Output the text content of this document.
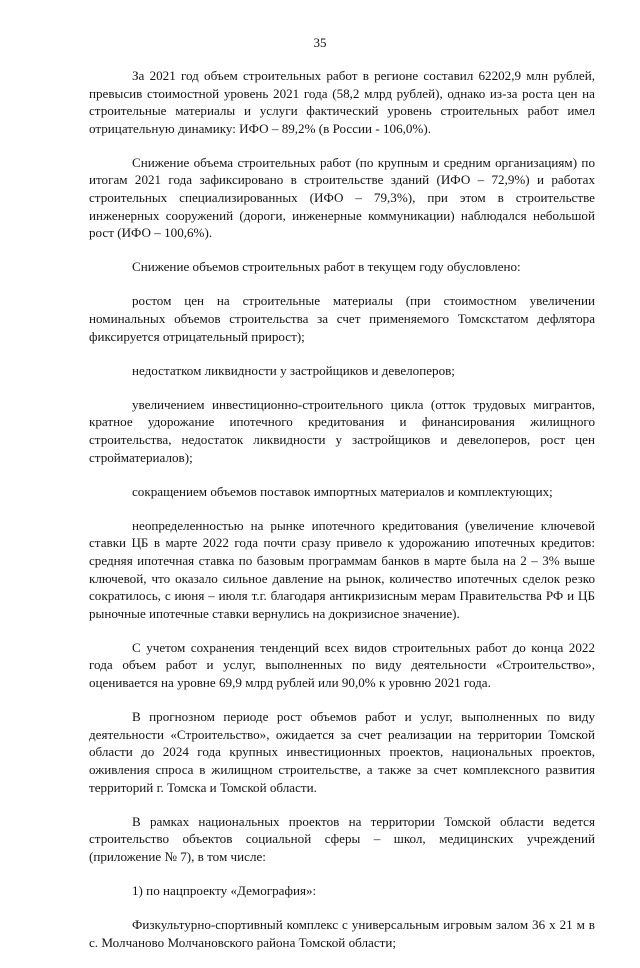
35

За 2021 год объем строительных работ в регионе составил 62202,9 млн рублей, превысив стоимостной уровень 2021 года (58,2 млрд рублей), однако из-за роста цен на строительные материалы и услуги фактический уровень строительных работ имел отрицательную динамику: ИФО – 89,2% (в России - 106,0%).

Снижение объема строительных работ (по крупным и средним организациям) по итогам 2021 года зафиксировано в строительстве зданий (ИФО – 72,9%) и работах строительных специализированных (ИФО – 79,3%), при этом в строительстве инженерных сооружений (дороги, инженерные коммуникации) наблюдался небольшой рост (ИФО – 100,6%).

Снижение объемов строительных работ в текущем году обусловлено:

ростом цен на строительные материалы (при стоимостном увеличении номинальных объемов строительства за счет применяемого Томскстатом дефлятора фиксируется отрицательный прирост);

недостатком ликвидности у застройщиков и девелоперов;

увеличением инвестиционно-строительного цикла (отток трудовых мигрантов, кратное удорожание ипотечного кредитования и финансирования жилищного строительства, недостаток ликвидности у застройщиков и девелоперов, рост цен стройматериалов);

сокращением объемов поставок импортных материалов и комплектующих;

неопределенностью на рынке ипотечного кредитования (увеличение ключевой ставки ЦБ в марте 2022 года почти сразу привело к удорожанию ипотечных кредитов: средняя ипотечная ставка по базовым программам банков в марте была на 2 – 3% выше ключевой, что оказало сильное давление на рынок, количество ипотечных сделок резко сократилось, с июня – июля т.г. благодаря антикризисным мерам Правительства РФ и ЦБ рыночные ипотечные ставки вернулись на докризисное значение).

С учетом сохранения тенденций всех видов строительных работ до конца 2022 года объем работ и услуг, выполненных по виду деятельности «Строительство», оценивается на уровне 69,9 млрд рублей или 90,0% к уровню 2021 года.

В прогнозном периоде рост объемов работ и услуг, выполненных по виду деятельности «Строительство», ожидается за счет реализации на территории Томской области до 2024 года крупных инвестиционных проектов, национальных проектов, оживления спроса в жилищном строительстве, а также за счет комплексного развития территорий г. Томска и Томской области.

В рамках национальных проектов на территории Томской области ведется строительство объектов социальной сферы – школ, медицинских учреждений (приложение № 7), в том числе:

1) по нацпроекту «Демография»:

Физкультурно-спортивный комплекс с универсальным игровым залом 36 х 21 м в с. Молчаново Молчановского района Томской области;
